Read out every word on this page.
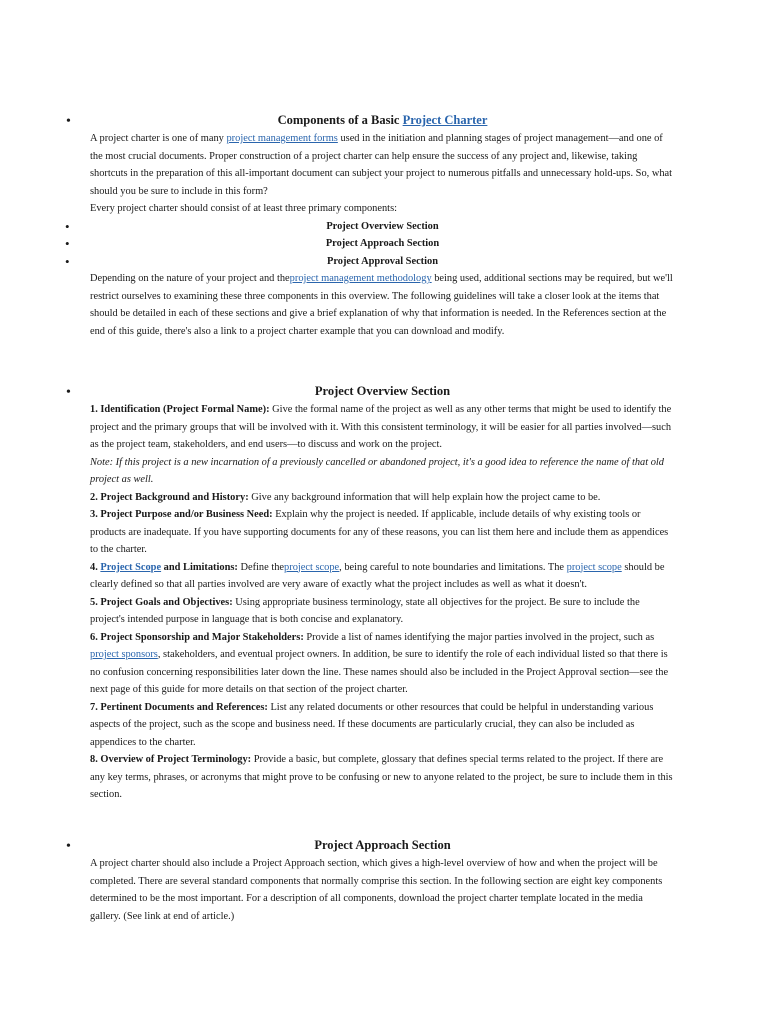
•	Components of a Basic Project Charter

A project charter is one of many project management forms used in the initiation and planning stages of project management—and one of the most crucial documents. Proper construction of a project charter can help ensure the success of any project and, likewise, taking shortcuts in the preparation of this all-important document can subject your project to numerous pitfalls and unnecessary hold-ups. So, what should you be sure to include in this form?

Every project charter should consist of at least three primary components:

•	Project Overview Section
•	Project Approach Section
•	Project Approval Section

Depending on the nature of your project and theproject management methodology being used, additional sections may be required, but we'll restrict ourselves to examining these three components in this overview. The following guidelines will take a closer look at the items that should be detailed in each of these sections and give a brief explanation of why that information is needed. In the References section at the end of this guide, there's also a link to a project charter example that you can download and modify.

•	Project Overview Section

1. Identification (Project Formal Name): Give the formal name of the project as well as any other terms that might be used to identify the project and the primary groups that will be involved with it. With this consistent terminology, it will be easier for all parties involved—such as the project team, stakeholders, and end users—to discuss and work on the project.

Note: If this project is a new incarnation of a previously cancelled or abandoned project, it's a good idea to reference the name of that old project as well.

2. Project Background and History: Give any background information that will help explain how the project came to be.

3. Project Purpose and/or Business Need: Explain why the project is needed. If applicable, include details of why existing tools or products are inadequate. If you have supporting documents for any of these reasons, you can list them here and include them as appendices to the charter.

4. Project Scope and Limitations: Define theproject scope, being careful to note boundaries and limitations. The project scope should be clearly defined so that all parties involved are very aware of exactly what the project includes as well as what it doesn't.

5. Project Goals and Objectives: Using appropriate business terminology, state all objectives for the project. Be sure to include the project's intended purpose in language that is both concise and explanatory.

6. Project Sponsorship and Major Stakeholders: Provide a list of names identifying the major parties involved in the project, such as project sponsors, stakeholders, and eventual project owners. In addition, be sure to identify the role of each individual listed so that there is no confusion concerning responsibilities later down the line. These names should also be included in the Project Approval section—see the next page of this guide for more details on that section of the project charter.

7. Pertinent Documents and References: List any related documents or other resources that could be helpful in understanding various aspects of the project, such as the scope and business need. If these documents are particularly crucial, they can also be included as appendices to the charter.

8. Overview of Project Terminology: Provide a basic, but complete, glossary that defines special terms related to the project. If there are any key terms, phrases, or acronyms that might prove to be confusing or new to anyone related to the project, be sure to include them in this section.

•	Project Approach Section

A project charter should also include a Project Approach section, which gives a high-level overview of how and when the project will be completed. There are several standard components that normally comprise this section. In the following section are eight key components determined to be the most important. For a description of all components, download the project charter template located in the media gallery. (See link at end of article.)
